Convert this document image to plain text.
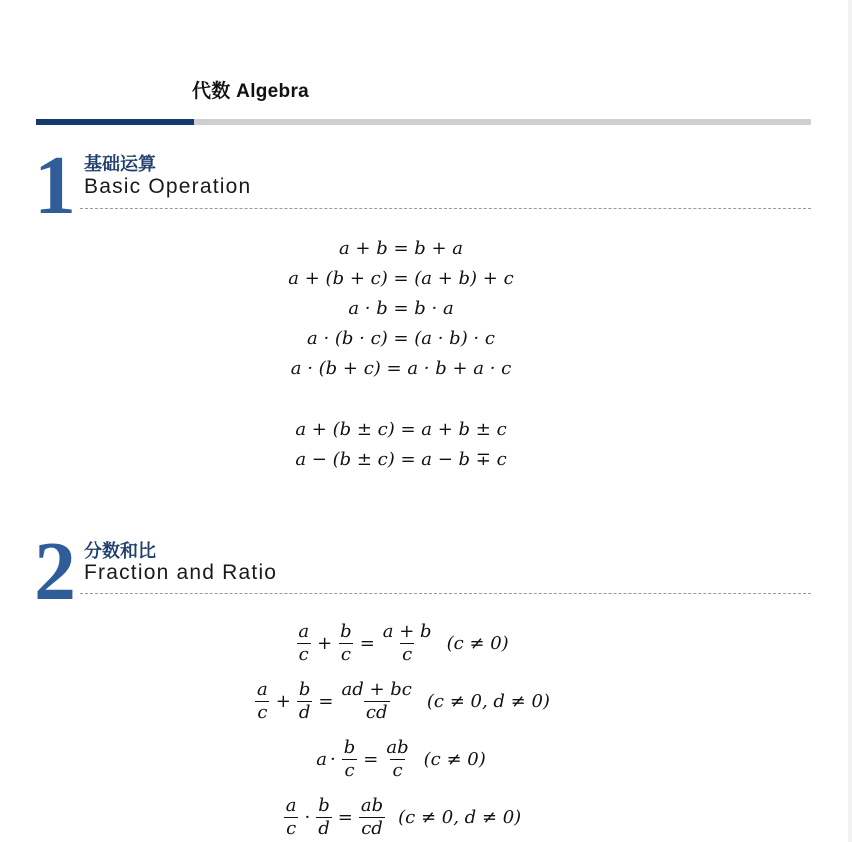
代数 Algebra
1 基础运算
Basic Operation
a + b = b + a
a + (b + c) = (a + b) + c
a · b = b · a
a · (b · c) = (a · b) · c
a · (b + c) = a · b + a · c
a + (b ± c) = a + b ± c
a − (b ± c) = a − b ∓ c
2 分数和比
Fraction and Ratio
$\frac{a}{c} + \frac{b}{c} = \frac{a + b}{c} (c \ne 0)$
$\frac{a}{c} + \frac{b}{d} = \frac{ad + bc}{cd} (c \ne 0$, d ≠ 0)
$a \cdot \frac{b}{c} = \frac{ab}{c} (c \ne 0)$
$\frac{a}{c} \cdot \frac{b}{d} = \frac{ab}{cd} (c \ne 0$, d ≠ 0)
